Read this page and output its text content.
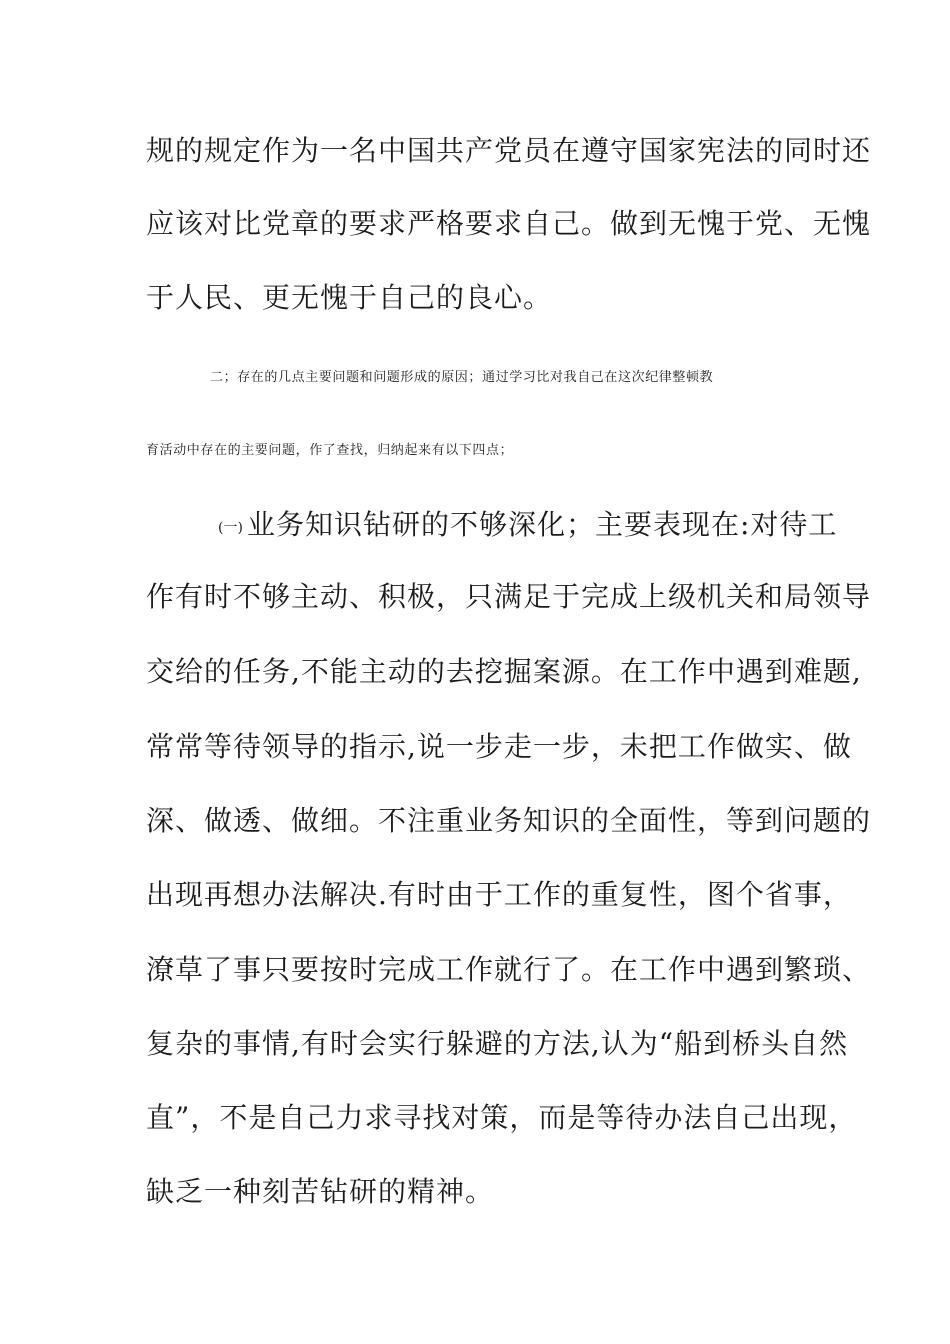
规的规定作为一名中国共产党员在遵守国家宪法的同时还
应该对比党章的要求严格要求自己。做到无愧于党、无愧
于人民、更无愧于自己的良心。
二；存在的几点主要问题和问题形成的原因；通过学习比对我自己在这次纪律整顿教
育活动中存在的主要问题，作了查找，归纳起来有以下四点；
(一) 业务知识钻研的不够深化；主要表现在:对待工
作有时不够主动、积极，只满足于完成上级机关和局领导
交给的任务,不能主动的去挖掘案源。在工作中遇到难题,
常常等待领导的指示,说一步走一步，未把工作做实、做
深、做透、做细。不注重业务知识的全面性，等到问题的
出现再想办法解决.有时由于工作的重复性，图个省事，
潦草了事只要按时完成工作就行了。在工作中遇到繁琐、
复杂的事情,有时会实行躲避的方法,认为“船到桥头自然
直”，不是自己力求寻找对策，而是等待办法自己出现，
缺乏一种刻苦钻研的精神。
